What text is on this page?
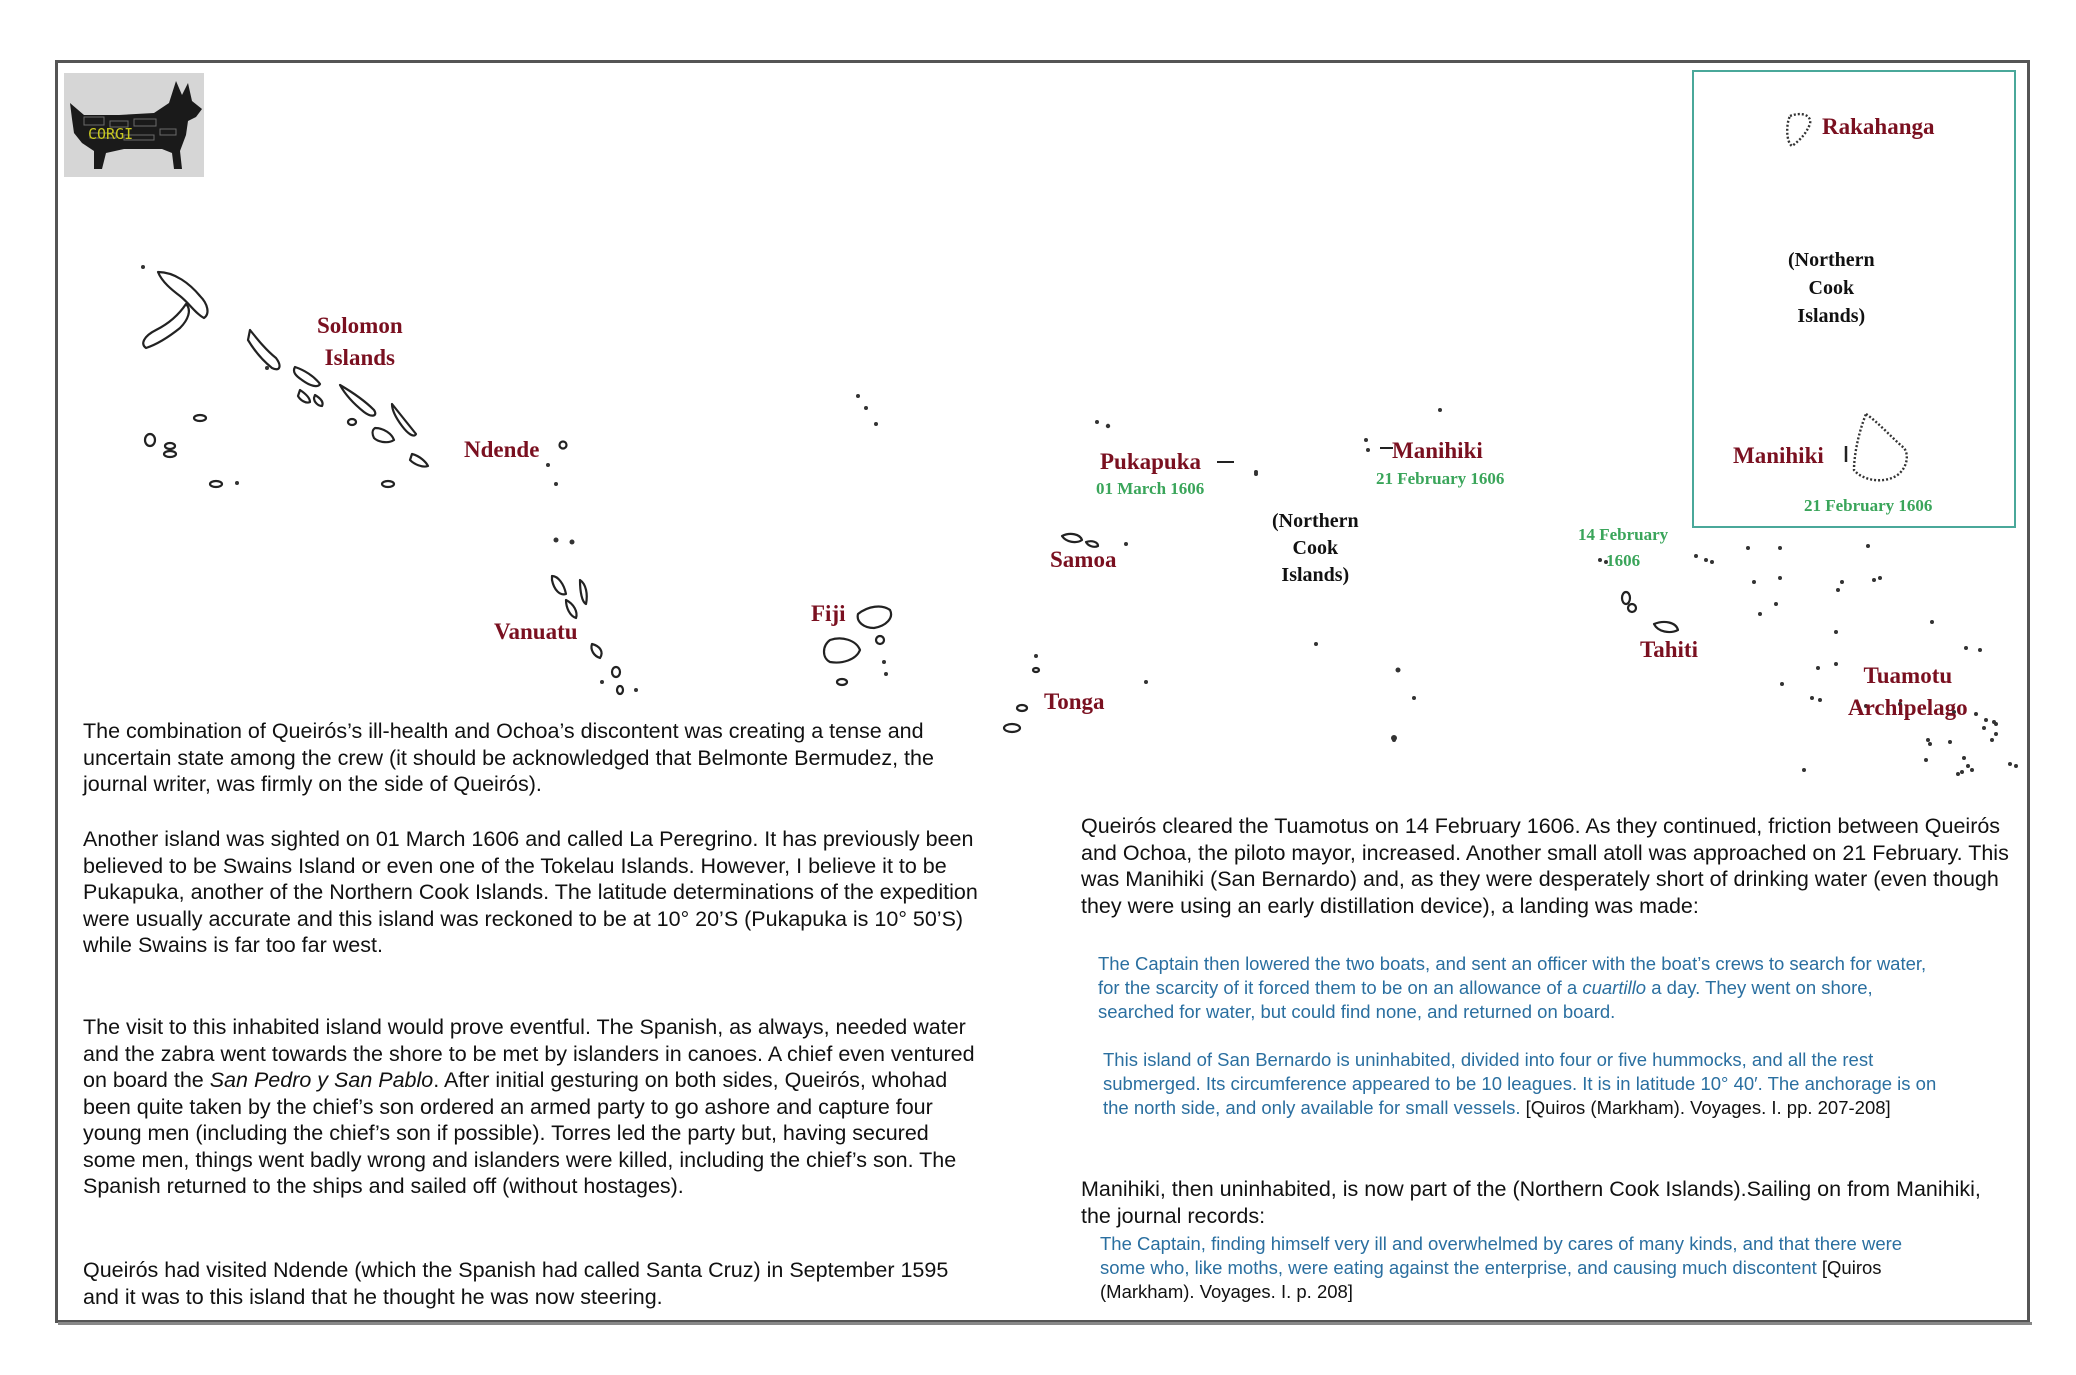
CORGI
Solomon
Islands
Ndende
Vanuatu
Fiji
Samoa
Tonga
Pukapuka
01 March 1606
Manihiki
21 February 1606
(Northern
Cook
Islands)
14 February
1606
Tahiti
Tuamotu
Archipelago
Rakahanga
(Northern
Cook
Islands)
Manihiki
21 February 1606

The combination of Queirós’s ill-health and Ochoa’s discontent was creating a tense and uncertain state among the crew (it should be acknowledged that Belmonte Bermudez, the journal writer, was firmly on the side of Queirós).

Another island was sighted on 01 March 1606 and called La Peregrino. It has previously been believed to be Swains Island or even one of the Tokelau Islands. However, I believe it to be Pukapuka, another of the Northern Cook Islands. The latitude determinations of the expedition were usually accurate and this island was reckoned to be at 10° 20’S (Pukapuka is 10° 50’S) while Swains is far too far west.

The visit to this inhabited island would prove eventful. The Spanish, as always, needed water and the zabra went towards the shore to be met by islanders in canoes. A chief even ventured on board the San Pedro y San Pablo. After initial gesturing on both sides, Queirós, whohad been quite taken by the chief’s son ordered an armed party to go ashore and capture four young men (including the chief’s son if possible). Torres led the party but, having secured some men, things went badly wrong and islanders were killed, including the chief’s son. The Spanish returned to the ships and sailed off (without hostages).

Queirós had visited Ndende (which the Spanish had called Santa Cruz) in September 1595 and it was to this island that he thought he was now steering.

Queirós cleared the Tuamotus on 14 February 1606. As they continued, friction between Queirós and Ochoa, the piloto mayor, increased. Another small atoll was approached on 21 February. This was Manihiki (San Bernardo) and, as they were desperately short of drinking water (even though they were using an early distillation device), a landing was made:

The Captain then lowered the two boats, and sent an officer with the boat’s crews to search for water, for the scarcity of it forced them to be on an allowance of a cuartillo a day. They went on shore, searched for water, but could find none, and returned on board.

This island of San Bernardo is uninhabited, divided into four or five hummocks, and all the rest submerged. Its circumference appeared to be 10 leagues. It is in latitude 10° 40′. The anchorage is on the north side, and only available for small vessels. [Quiros (Markham). Voyages. I. pp. 207-208]

Manihiki, then uninhabited, is now part of the (Northern Cook Islands).Sailing on from Manihiki, the journal records:

The Captain, finding himself very ill and overwhelmed by cares of many kinds, and that there were some who, like moths, were eating against the enterprise, and causing much discontent [Quiros (Markham). Voyages. I. p. 208]
